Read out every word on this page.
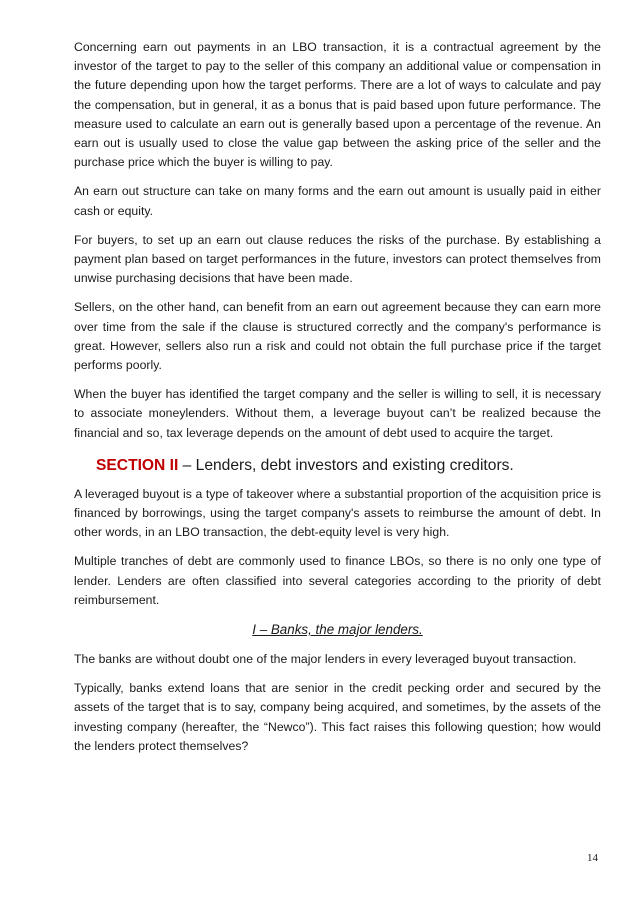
Concerning earn out payments in an LBO transaction, it is a contractual agreement by the investor of the target to pay to the seller of this company an additional value or compensation in the future depending upon how the target performs. There are a lot of ways to calculate and pay the compensation, but in general, it as a bonus that is paid based upon future performance. The measure used to calculate an earn out is generally based upon a percentage of the revenue. An earn out is usually used to close the value gap between the asking price of the seller and the purchase price which the buyer is willing to pay.

An earn out structure can take on many forms and the earn out amount is usually paid in either cash or equity.

For buyers, to set up an earn out clause reduces the risks of the purchase. By establishing a payment plan based on target performances in the future, investors can protect themselves from unwise purchasing decisions that have been made.

Sellers, on the other hand, can benefit from an earn out agreement because they can earn more over time from the sale if the clause is structured correctly and the company's performance is great. However, sellers also run a risk and could not obtain the full purchase price if the target performs poorly.

When the buyer has identified the target company and the seller is willing to sell, it is necessary to associate moneylenders. Without them, a leverage buyout can’t be realized because the financial and so, tax leverage depends on the amount of debt used to acquire the target.

SECTION II – Lenders, debt investors and existing creditors.

A leveraged buyout is a type of takeover where a substantial proportion of the acquisition price is financed by borrowings, using the target company's assets to reimburse the amount of debt. In other words, in an LBO transaction, the debt-equity level is very high.

Multiple tranches of debt are commonly used to finance LBOs, so there is no only one type of lender. Lenders are often classified into several categories according to the priority of debt reimbursement.

I – Banks, the major lenders.

The banks are without doubt one of the major lenders in every leveraged buyout transaction.

Typically, banks extend loans that are senior in the credit pecking order and secured by the assets of the target that is to say, company being acquired, and sometimes, by the assets of the investing company (hereafter, the “Newco”). This fact raises this following question; how would the lenders protect themselves?

14
